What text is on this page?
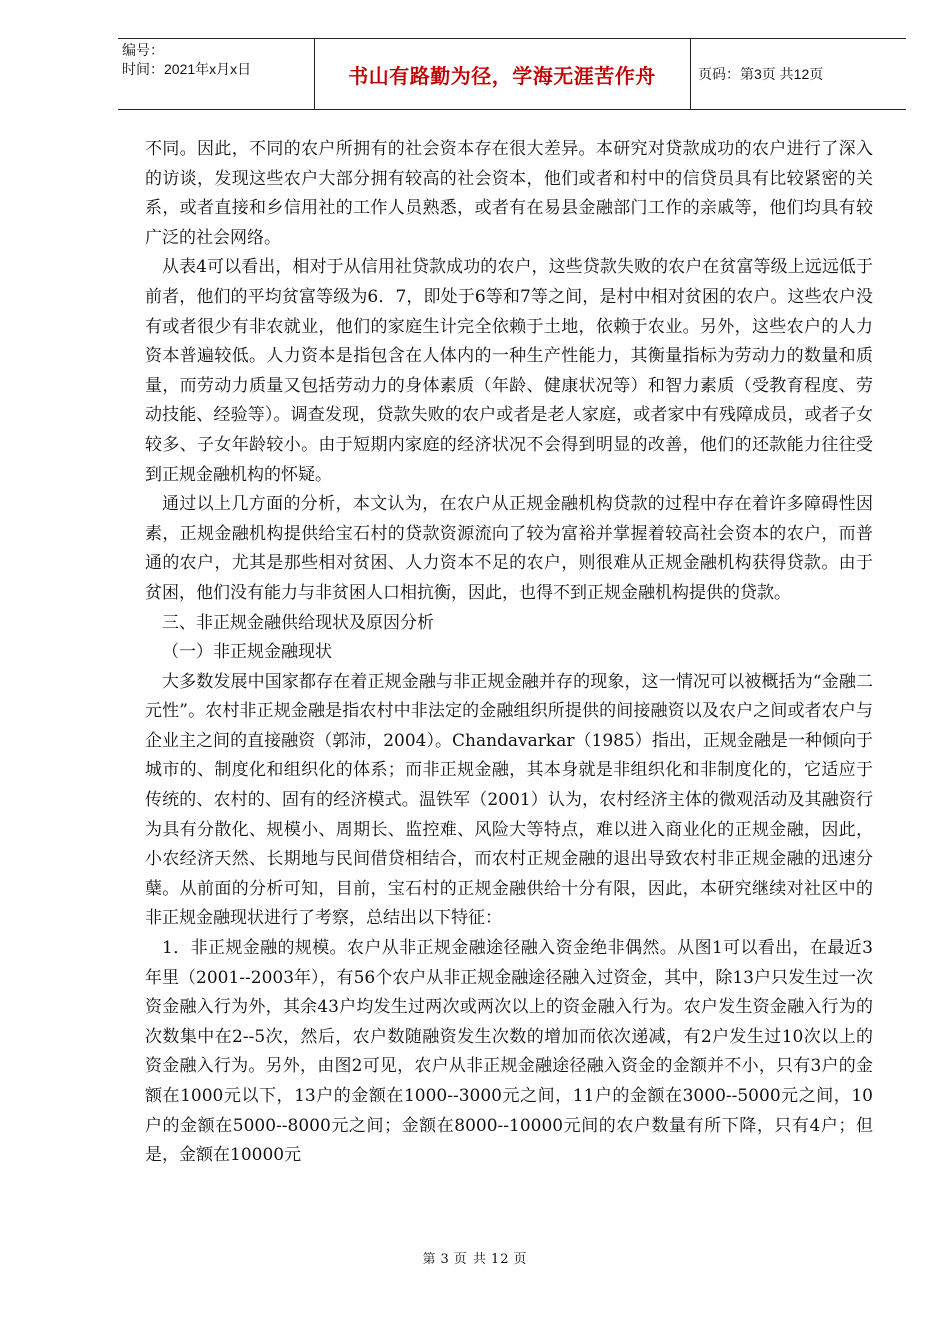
编号：
时间：2021年x月x日	书山有路勤为径，学海无涯苦作舟	页码：第3页 共12页

不同。因此，不同的农户所拥有的社会资本存在很大差异。本研究对贷款成功的农户进行了深入的访谈，发现这些农户大部分拥有较高的社会资本，他们或者和村中的信贷员具有比较紧密的关系，或者直接和乡信用社的工作人员熟悉，或者有在易县金融部门工作的亲戚等，他们均具有较广泛的社会网络。

从表4可以看出，相对于从信用社贷款成功的农户，这些贷款失败的农户在贫富等级上远远低于前者，他们的平均贫富等级为6．7，即处于6等和7等之间，是村中相对贫困的农户。这些农户没有或者很少有非农就业，他们的家庭生计完全依赖于土地，依赖于农业。另外，这些农户的人力资本普遍较低。人力资本是指包含在人体内的一种生产性能力，其衡量指标为劳动力的数量和质量，而劳动力质量又包括劳动力的身体素质（年龄、健康状况等）和智力素质（受教育程度、劳动技能、经验等）。调查发现，贷款失败的农户或者是老人家庭，或者家中有残障成员，或者子女较多、子女年龄较小。由于短期内家庭的经济状况不会得到明显的改善，他们的还款能力往往受到正规金融机构的怀疑。

通过以上几方面的分析，本文认为，在农户从正规金融机构贷款的过程中存在着许多障碍性因素，正规金融机构提供给宝石村的贷款资源流向了较为富裕并掌握着较高社会资本的农户，而普通的农户，尤其是那些相对贫困、人力资本不足的农户，则很难从正规金融机构获得贷款。由于贫困，他们没有能力与非贫困人口相抗衡，因此，也得不到正规金融机构提供的贷款。

三、非正规金融供给现状及原因分析

（一）非正规金融现状

大多数发展中国家都存在着正规金融与非正规金融并存的现象，这一情况可以被概括为“金融二元性”。农村非正规金融是指农村中非法定的金融组织所提供的间接融资以及农户之间或者农户与企业主之间的直接融资（郭沛，2004）。Chandavarkar（1985）指出，正规金融是一种倾向于城市的、制度化和组织化的体系；而非正规金融，其本身就是非组织化和非制度化的，它适应于传统的、农村的、固有的经济模式。温铁军（2001）认为，农村经济主体的微观活动及其融资行为具有分散化、规模小、周期长、监控难、风险大等特点，难以进入商业化的正规金融，因此，小农经济天然、长期地与民间借贷相结合，而农村正规金融的退出导致农村非正规金融的迅速分蘖。从前面的分析可知，目前，宝石村的正规金融供给十分有限，因此，本研究继续对社区中的非正规金融现状进行了考察，总结出以下特征：

1．非正规金融的规模。农户从非正规金融途径融入资金绝非偶然。从图1可以看出，在最近3年里（2001--2003年），有56个农户从非正规金融途径融入过资金，其中，除13户只发生过一次资金融入行为外，其余43户均发生过两次或两次以上的资金融入行为。农户发生资金融入行为的次数集中在2--5次，然后，农户数随融资发生次数的增加而依次递减，有2户发生过10次以上的资金融入行为。另外，由图2可见，农户从非正规金融途径融入资金的金额并不小，只有3户的金额在1000元以下，13户的金额在1000--3000元之间，11户的金额在3000--5000元之间，10户的金额在5000--8000元之间；金额在8000--10000元间的农户数量有所下降，只有4户；但是，金额在10000元

第 3 页 共 12 页
